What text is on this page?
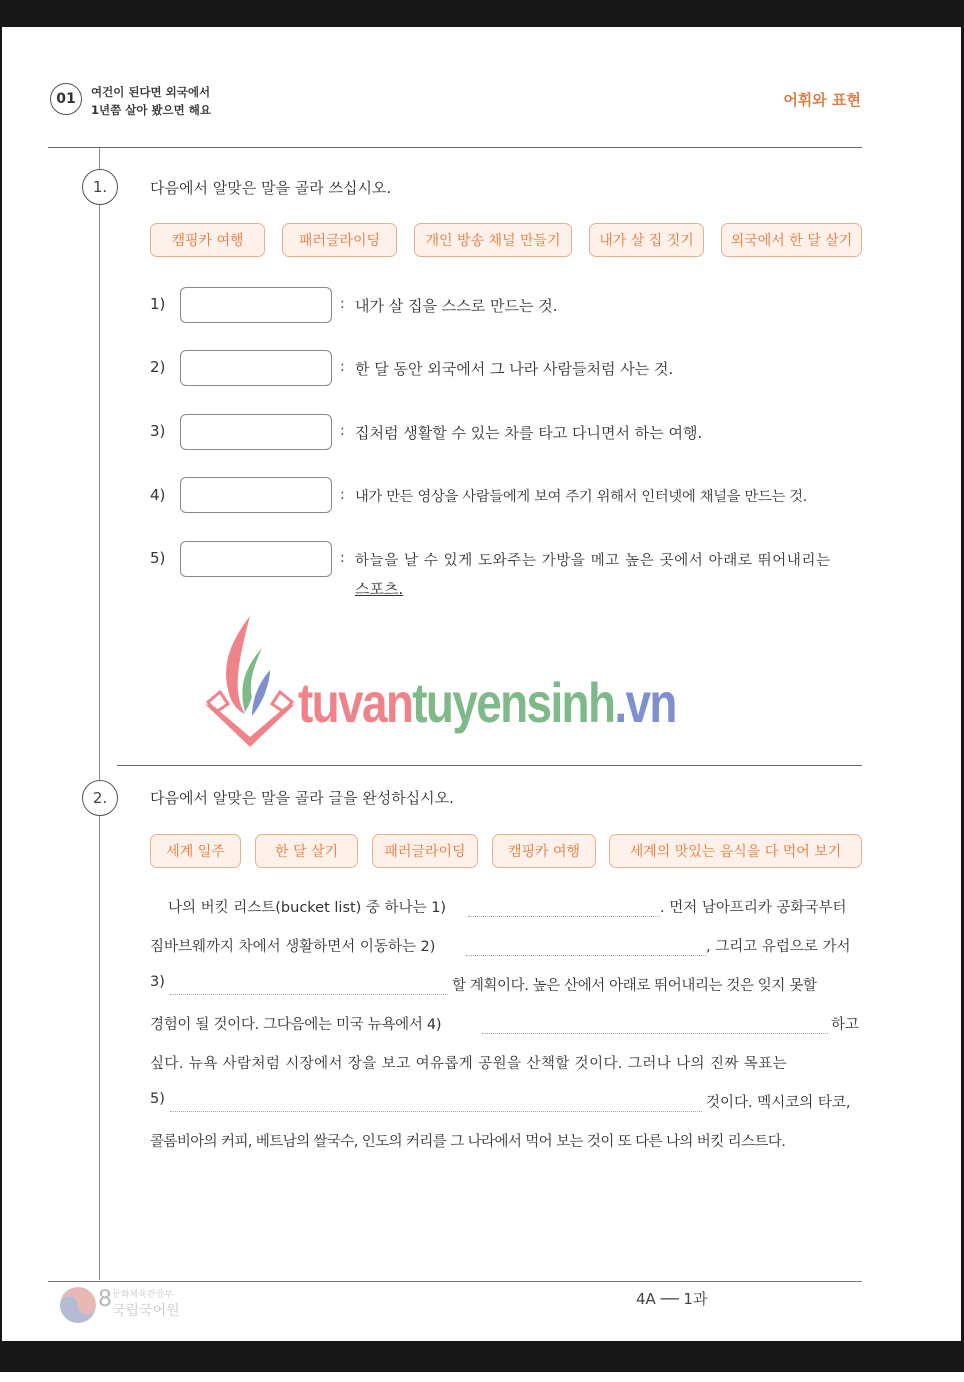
01	여건이 된다면 외국에서
1년쯤 살아 봤으면 해요
어휘와 표현
1.	다음에서 알맞은 말을 골라 쓰십시오.
캠핑카 여행	패러글라이딩	개인 방송 채널 만들기	내가 살 집 짓기	외국에서 한 달 살기
1)	: 내가 살 집을 스스로 만드는 것.
2)	: 한 달 동안 외국에서 그 나라 사람들처럼 사는 것.
3)	: 집처럼 생활할 수 있는 차를 타고 다니면서 하는 여행.
4)	: 내가 만든 영상을 사람들에게 보여 주기 위해서 인터넷에 채널을 만드는 것.
5)	: 하늘을 날 수 있게 도와주는 가방을 메고 높은 곳에서 아래로 뛰어내리는
스포츠.
tuvantuyensinh.vn
2.	다음에서 알맞은 말을 골라 글을 완성하십시오.
세계 일주	한 달 살기	패러글라이딩	캠핑카 여행	세계의 맛있는 음식을 다 먹어 보기
나의 버킷 리스트(bucket list) 중 하나는 1)	. 먼저 남아프리카 공화국부터
짐바브웨까지 차에서 생활하면서 이동하는 2)	, 그리고 유럽으로 가서
3)	할 계획이다. 높은 산에서 아래로 뛰어내리는 것은 잊지 못할
경험이 될 것이다. 그다음에는 미국 뉴욕에서 4)	하고
싶다. 뉴욕 사람처럼 시장에서 장을 보고 여유롭게 공원을 산책할 것이다. 그러나 나의 진짜 목표는
5)	것이다. 멕시코의 타코,
콜롬비아의 커피, 베트남의 쌀국수, 인도의 커리를 그 나라에서 먹어 보는 것이 또 다른 나의 버킷 리스트다.
8 문화체육관광부
국립국어원
4A ── 1과
